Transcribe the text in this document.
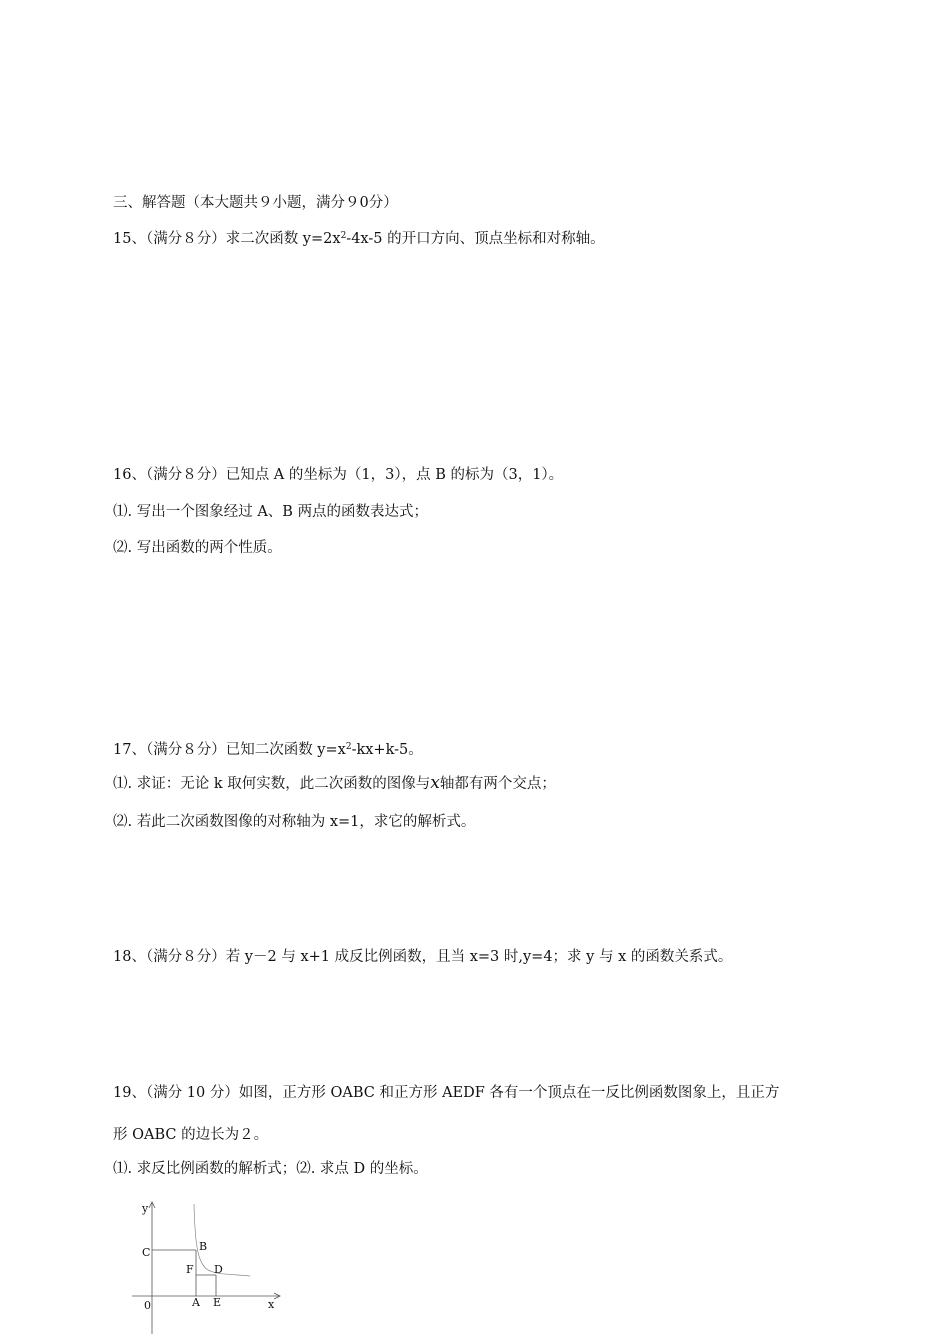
三、解答题（本大题共９小题，满分９0分）
15、（满分８分）求二次函数 $y=2x^2-4x-5$ 的开口方向、顶点坐标和对称轴。
16、（满分８分）已知点 A 的坐标为（1，3），点 B 的标为（3，1）。
⑴. 写出一个图象经过 A、B 两点的函数表达式；
⑵. 写出函数的两个性质。
17、（满分８分）已知二次函数 $y=x^2-kx+k-5$。
⑴. 求证：无论 k 取何实数，此二次函数的图像与x轴都有两个交点；
⑵. 若此二次函数图像的对称轴为 x=1，求它的解析式。
18、（满分８分）若 y－2 与 x+1 成反比例函数，且当 x=3 时,y=4；求 y 与 x 的函数关系式。
19、（满分 10 分）如图，正方形 OABC 和正方形 AEDF 各有一个顶点在一反比例函数图象上，且正方
形 OABC 的边长为２。
⑴. 求反比例函数的解析式；⑵. 求点 D 的坐标。
y
x
0
C	B
F D
A E
